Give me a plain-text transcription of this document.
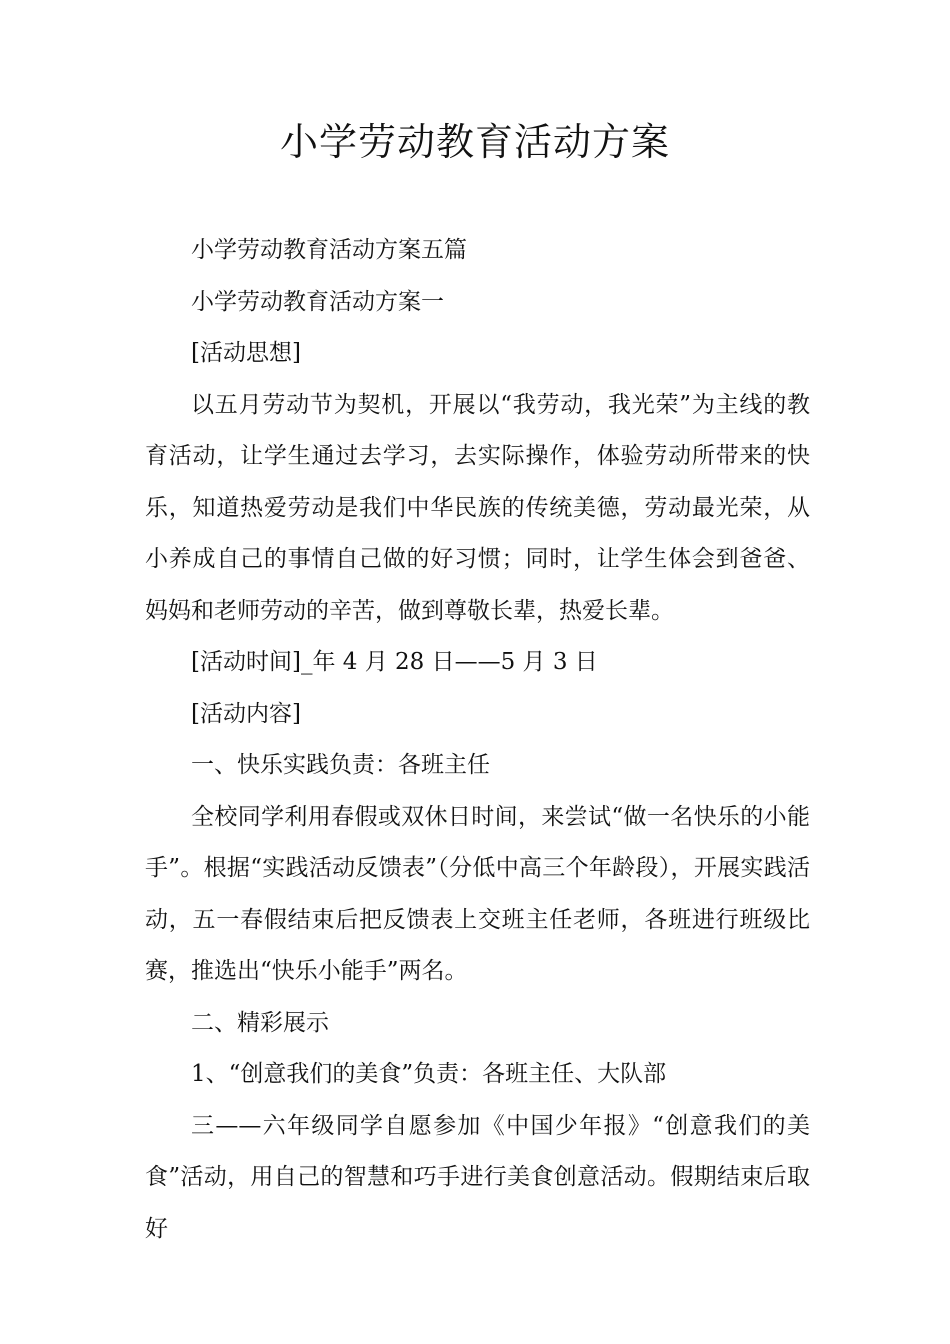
小学劳动教育活动方案

小学劳动教育活动方案五篇

小学劳动教育活动方案一

[活动思想]

以五月劳动节为契机，开展以“我劳动，我光荣”为主线的教育活动，让学生通过去学习，去实际操作，体验劳动所带来的快乐，知道热爱劳动是我们中华民族的传统美德，劳动最光荣，从小养成自己的事情自己做的好习惯；同时，让学生体会到爸爸、妈妈和老师劳动的辛苦，做到尊敬长辈，热爱长辈。

[活动时间]_年 4 月 28 日——5 月 3 日

[活动内容]

一、快乐实践负责：各班主任

全校同学利用春假或双休日时间，来尝试“做一名快乐的小能手”。根据“实践活动反馈表”（分低中高三个年龄段），开展实践活动，五一春假结束后把反馈表上交班主任老师，各班进行班级比赛，推选出“快乐小能手”两名。

二、精彩展示

1、“创意我们的美食”负责：各班主任、大队部

三——六年级同学自愿参加《中国少年报》“创意我们的美食”活动，用自己的智慧和巧手进行美食创意活动。假期结束后取好
